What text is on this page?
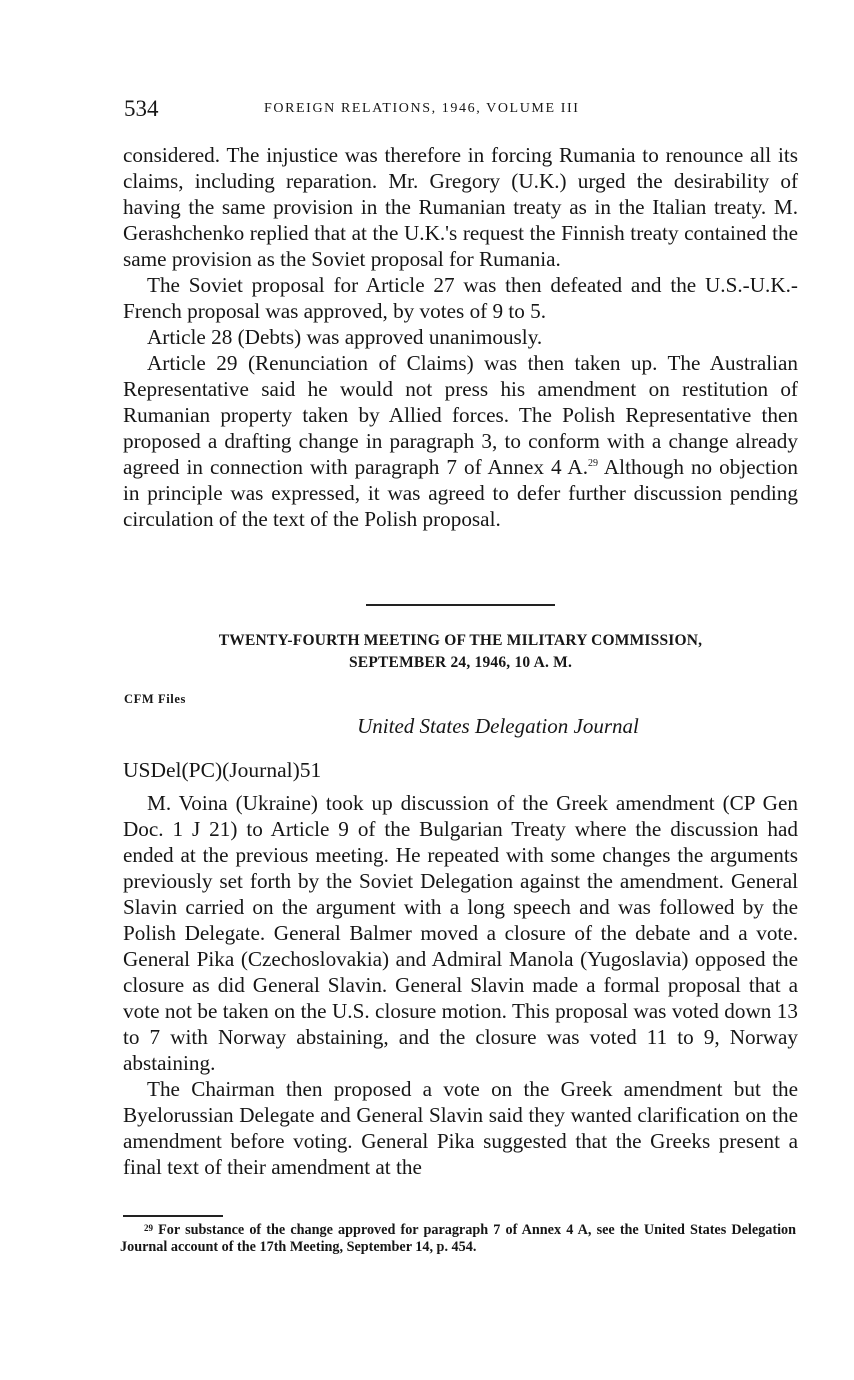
534	FOREIGN RELATIONS, 1946, VOLUME III

considered. The injustice was therefore in forcing Rumania to renounce all its claims, including reparation. Mr. Gregory (U.K.) urged the desirability of having the same provision in the Rumanian treaty as in the Italian treaty. M. Gerashchenko replied that at the U.K.'s request the Finnish treaty contained the same provision as the Soviet proposal for Rumania.

The Soviet proposal for Article 27 was then defeated and the U.S.-U.K.-French proposal was approved, by votes of 9 to 5.

Article 28 (Debts) was approved unanimously.

Article 29 (Renunciation of Claims) was then taken up. The Australian Representative said he would not press his amendment on restitution of Rumanian property taken by Allied forces. The Polish Representative then proposed a drafting change in paragraph 3, to conform with a change already agreed in connection with paragraph 7 of Annex 4 A.$^{29}$ Although no objection in principle was expressed, it was agreed to defer further discussion pending circulation of the text of the Polish proposal.

TWENTY-FOURTH MEETING OF THE MILITARY COMMISSION,
SEPTEMBER 24, 1946, 10 A. M.
CFM Files
United States Delegation Journal
USDel(PC)(Journal)51

M. Voina (Ukraine) took up discussion of the Greek amendment (CP Gen Doc. 1 J 21) to Article 9 of the Bulgarian Treaty where the discussion had ended at the previous meeting. He repeated with some changes the arguments previously set forth by the Soviet Delegation against the amendment. General Slavin carried on the argument with a long speech and was followed by the Polish Delegate. General Balmer moved a closure of the debate and a vote. General Pika (Czechoslovakia) and Admiral Manola (Yugoslavia) opposed the closure as did General Slavin. General Slavin made a formal proposal that a vote not be taken on the U.S. closure motion. This proposal was voted down 13 to 7 with Norway abstaining, and the closure was voted 11 to 9, Norway abstaining.

The Chairman then proposed a vote on the Greek amendment but the Byelorussian Delegate and General Slavin said they wanted clarification on the amendment before voting. General Pika suggested that the Greeks present a final text of their amendment at the

$^{29}$ For substance of the change approved for paragraph 7 of Annex 4 A, see the United States Delegation Journal account of the 17th Meeting, September 14, p. 454.
